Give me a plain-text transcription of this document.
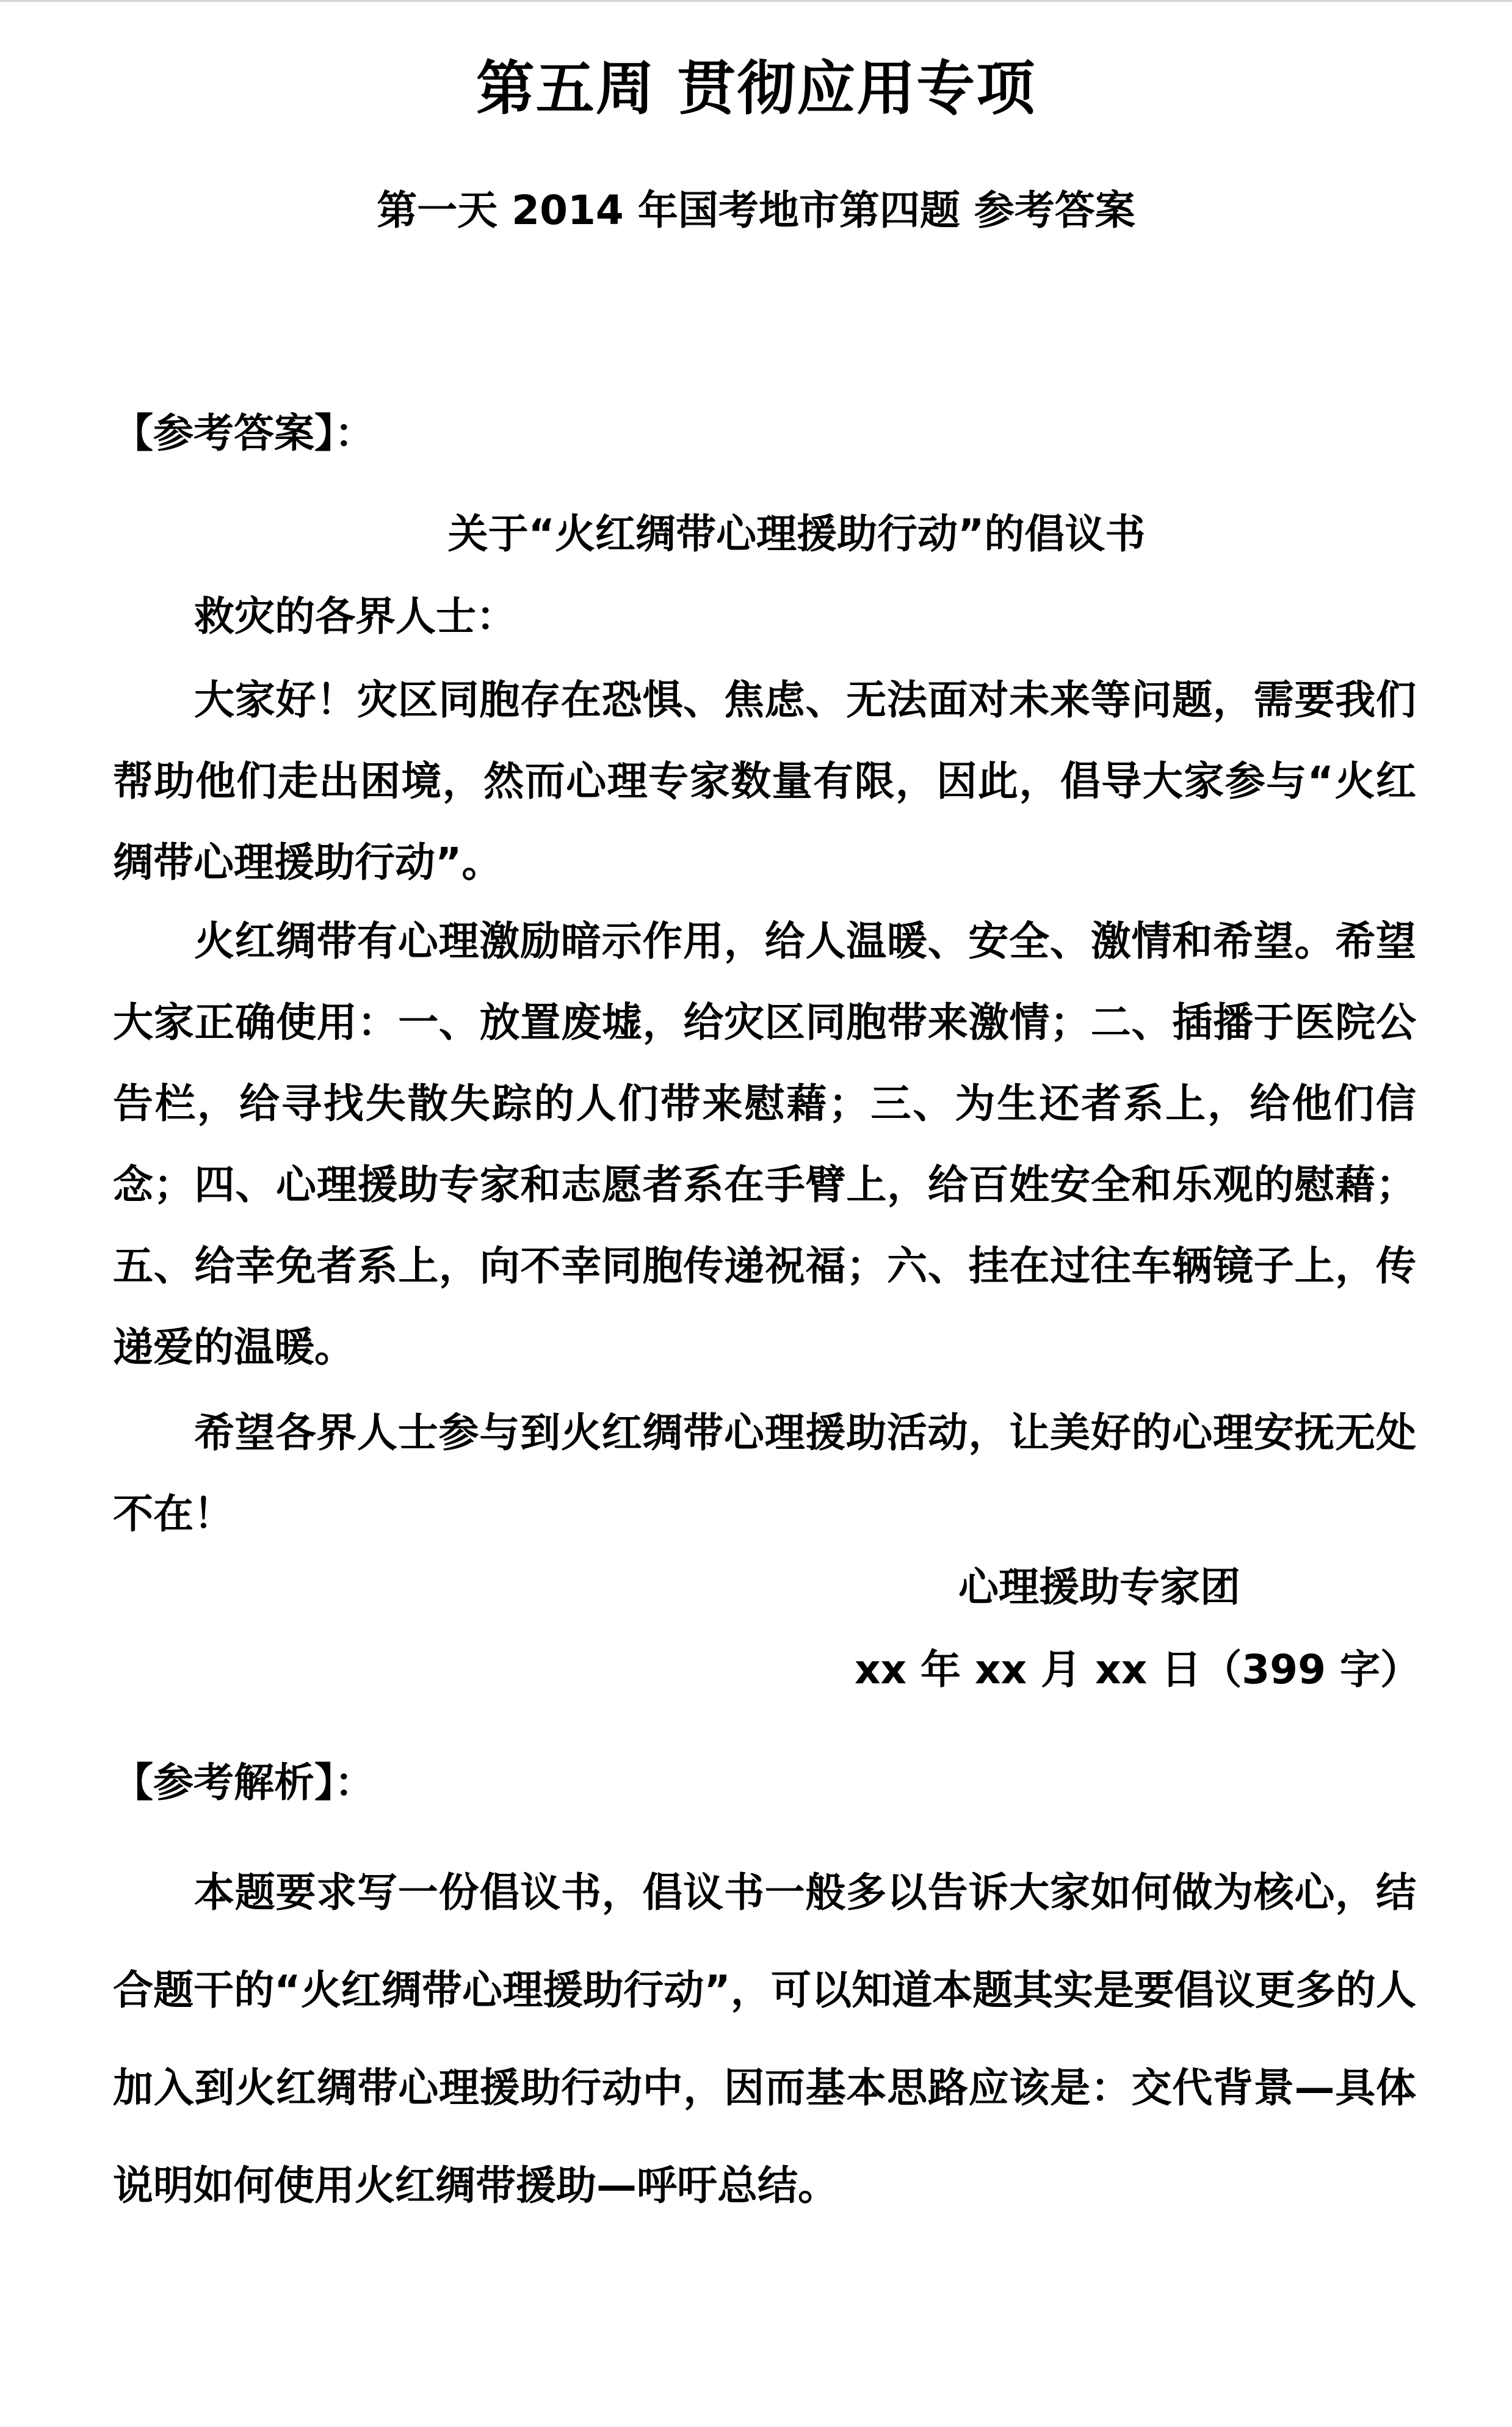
第五周 贯彻应用专项
第一天 2014 年国考地市第四题 参考答案
【参考答案】：
关于“火红绸带心理援助行动”的倡议书
救灾的各界人士：

大家好！灾区同胞存在恐惧、焦虑、无法面对未来等问题，需要我们帮助他们走出困境，然而心理专家数量有限，因此，倡导大家参与“火红绸带心理援助行动”。

火红绸带有心理激励暗示作用，给人温暖、安全、激情和希望。希望大家正确使用：一、放置废墟，给灾区同胞带来激情；二、插播于医院公告栏，给寻找失散失踪的人们带来慰藉；三、为生还者系上，给他们信念；四、心理援助专家和志愿者系在手臂上，给百姓安全和乐观的慰藉；五、给幸免者系上，向不幸同胞传递祝福；六、挂在过往车辆镜子上，传递爱的温暖。

希望各界人士参与到火红绸带心理援助活动，让美好的心理安抚无处不在！

心理援助专家团
xx 年 xx 月 xx 日（399 字）
【参考解析】：

本题要求写一份倡议书，倡议书一般多以告诉大家如何做为核心，结合题干的“火红绸带心理援助行动”，可以知道本题其实是要倡议更多的人加入到火红绸带心理援助行动中，因而基本思路应该是：交代背景—具体说明如何使用火红绸带援助—呼吁总结。
